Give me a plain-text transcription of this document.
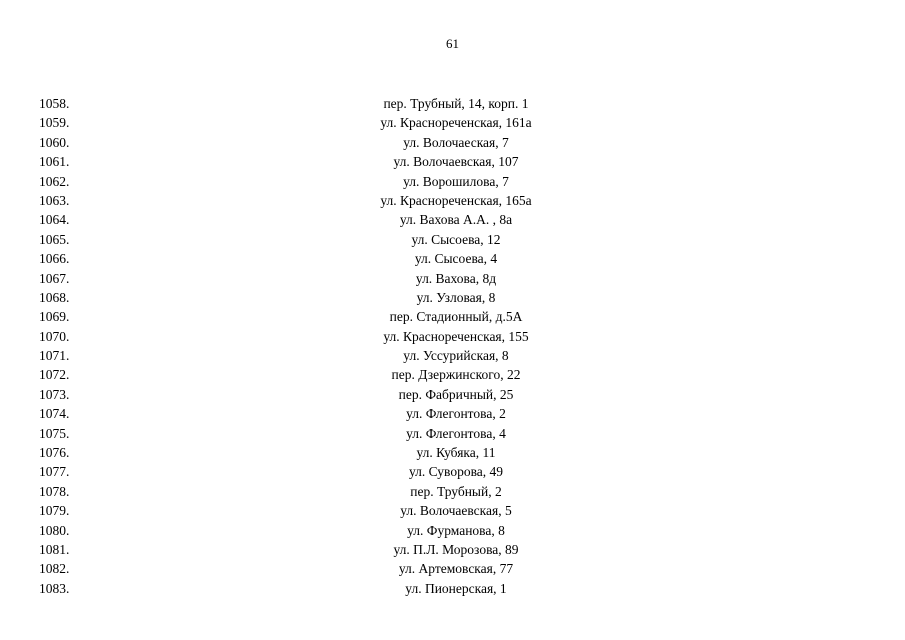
61
1058.	пер. Трубный, 14, корп. 1
1059.	ул. Краснореченская, 161а
1060.	ул. Волочаеская, 7
1061.	ул. Волочаевская, 107
1062.	ул. Ворошилова, 7
1063.	ул. Краснореченская, 165а
1064.	ул. Вахова А.А. , 8а
1065.	ул. Сысоева, 12
1066.	ул. Сысоева, 4
1067.	ул. Вахова, 8д
1068.	ул. Узловая, 8
1069.	пер. Стадионный, д.5А
1070.	ул. Краснореченская, 155
1071.	ул. Уссурийская, 8
1072.	пер. Дзержинского, 22
1073.	пер. Фабричный, 25
1074.	ул. Флегонтова, 2
1075.	ул. Флегонтова, 4
1076.	ул. Кубяка, 11
1077.	ул. Суворова, 49
1078.	пер. Трубный, 2
1079.	ул. Волочаевская, 5
1080.	ул. Фурманова, 8
1081.	ул. П.Л. Морозова, 89
1082.	ул. Артемовская, 77
1083.	ул. Пионерская, 1
